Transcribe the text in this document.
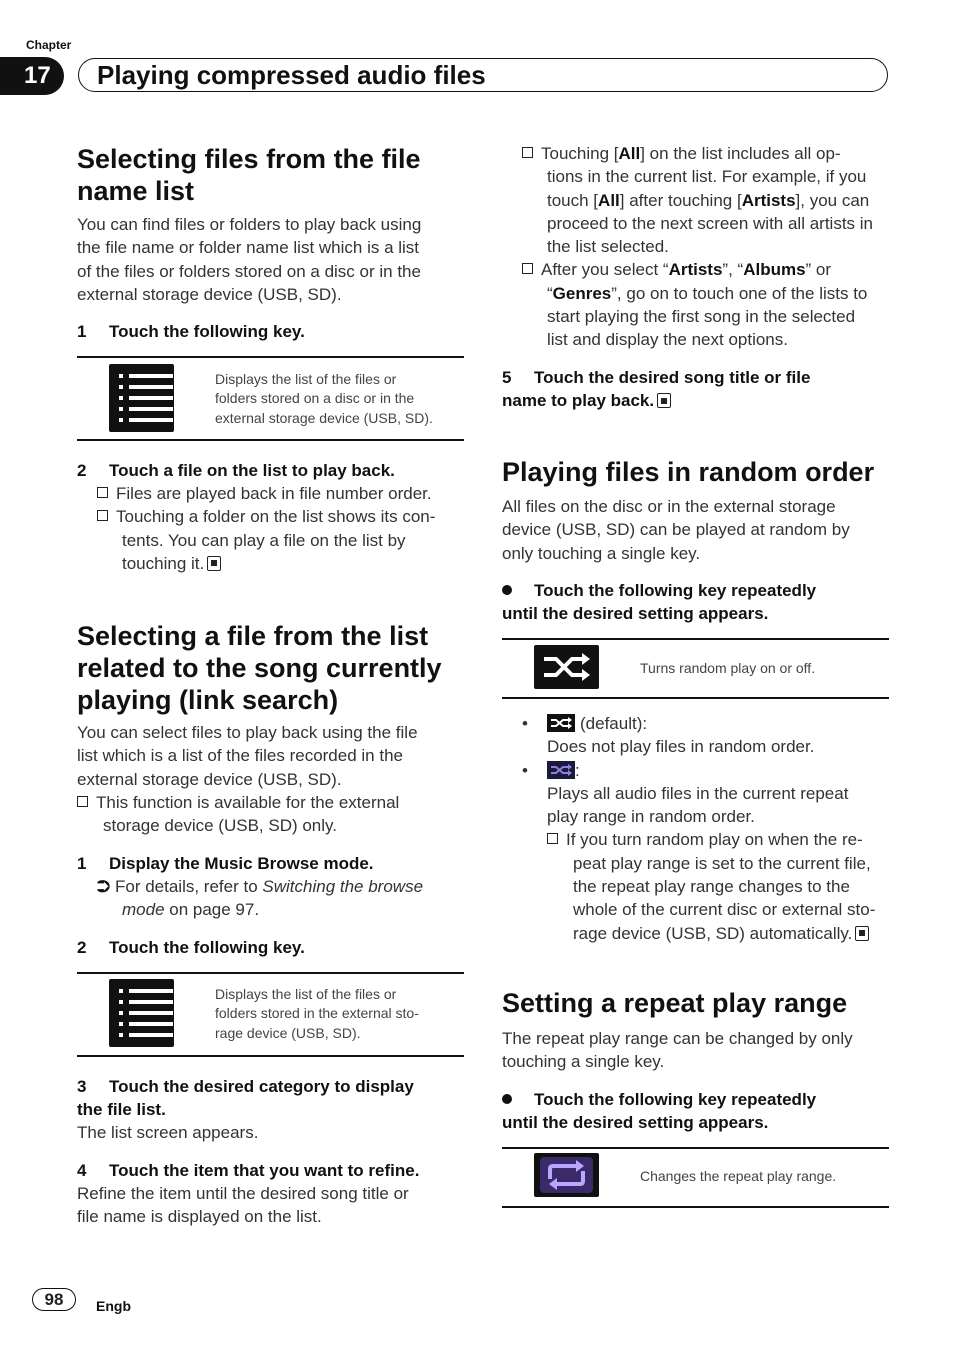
Chapter
17	Playing compressed audio files
Selecting files from the file
name list
You can find files or folders to play back using
the file name or folder name list which is a list
of the files or folders stored on a disc or in the
external storage device (USB, SD).
1 Touch the following key.
Displays the list of the files or
folders stored on a disc or in the
external storage device (USB, SD).
2 Touch a file on the list to play back.
Files are played back in file number order.
Touching a folder on the list shows its con-
tents. You can play a file on the list by
touching it.
Selecting a file from the list
related to the song currently
playing (link search)
You can select files to play back using the file
list which is a list of the files recorded in the
external storage device (USB, SD).
This function is available for the external
storage device (USB, SD) only.
1 Display the Music Browse mode.
⮊ For details, refer to Switching the browse
mode on page 97.
2 Touch the following key.
Displays the list of the files or
folders stored in the external sto-
rage device (USB, SD).
3 Touch the desired category to display
the file list.
The list screen appears.
4 Touch the item that you want to refine.
Refine the item until the desired song title or
file name is displayed on the list.
Touching [All] on the list includes all op-
tions in the current list. For example, if you
touch [All] after touching [Artists], you can
proceed to the next screen with all artists in
the list selected.
After you select “Artists”, “Albums” or
“Genres”, go on to touch one of the lists to
start playing the first song in the selected
list and display the next options.
5 Touch the desired song title or file
name to play back.
Playing files in random order
All files on the disc or in the external storage
device (USB, SD) can be played at random by
only touching a single key.
Touch the following key repeatedly
until the desired setting appears.
Turns random play on or off.
•	(default):
Does not play files in random order.
•	:
Plays all audio files in the current repeat
play range in random order.
If you turn random play on when the re-
peat play range is set to the current file,
the repeat play range changes to the
whole of the current disc or external sto-
rage device (USB, SD) automatically.
Setting a repeat play range
The repeat play range can be changed by only
touching a single key.
Touch the following key repeatedly
until the desired setting appears.
Changes the repeat play range.
98	Engb
